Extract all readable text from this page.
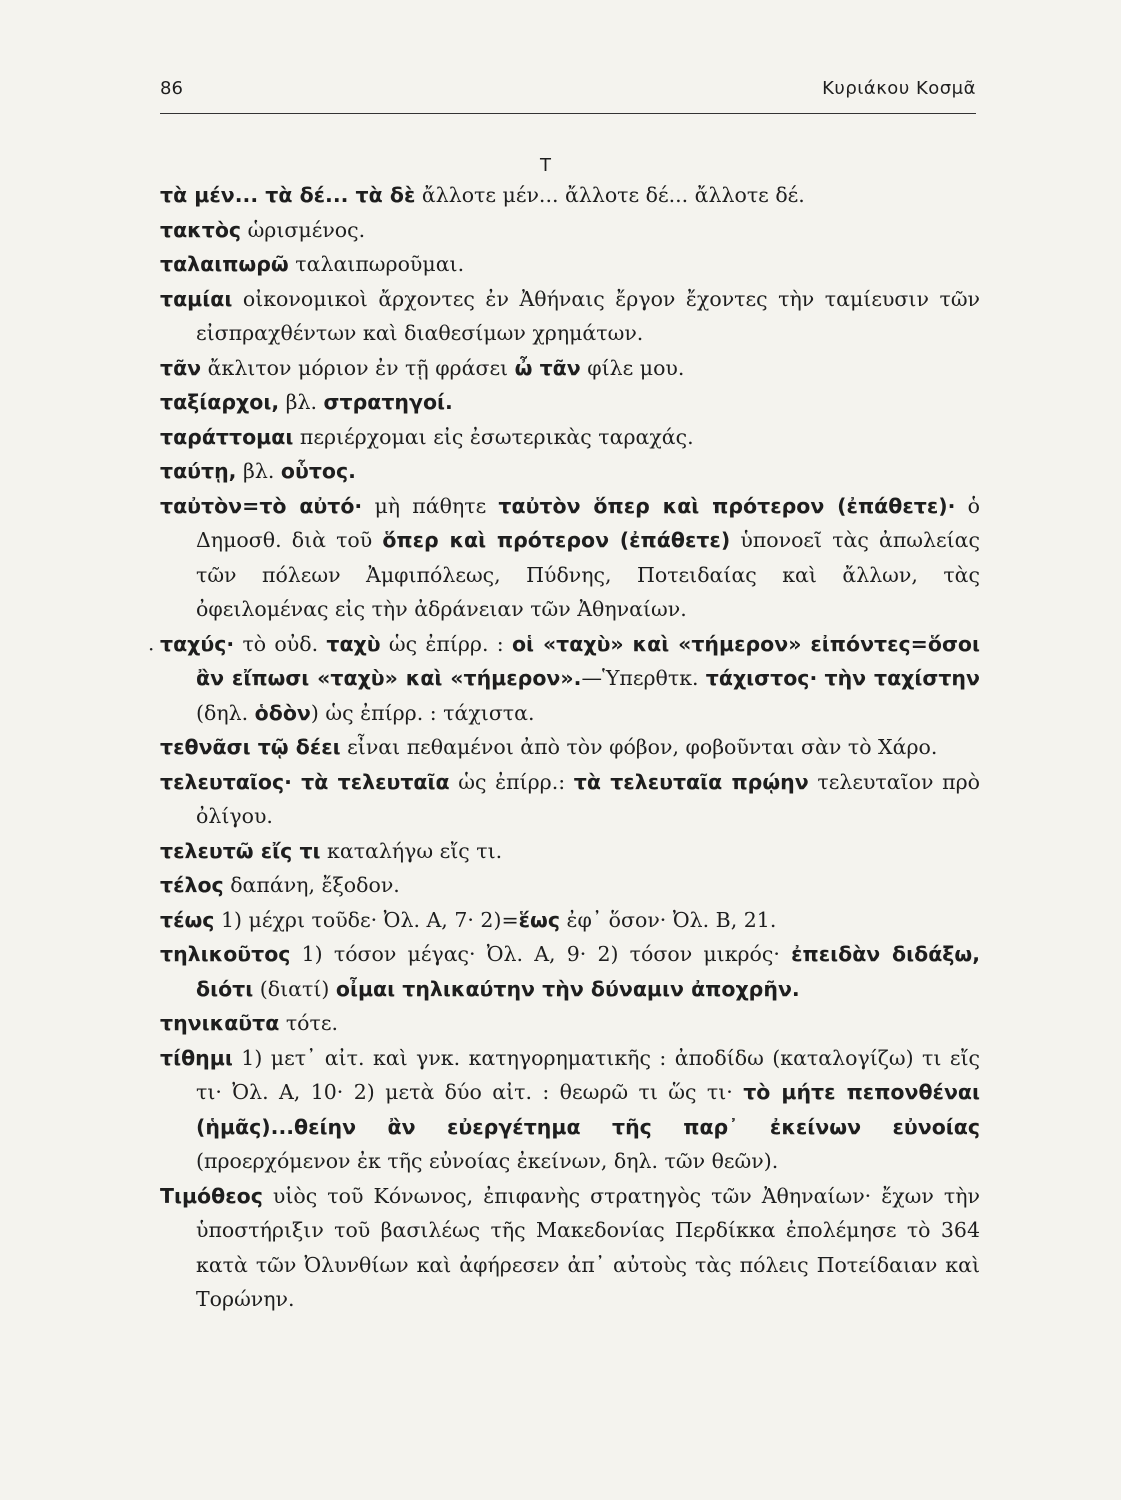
86	Κυριάκου Κοσμᾶ
Τ
·

τὰ μέν... τὰ δέ... τὰ δὲ ἄλλοτε μέν... ἄλλοτε δέ... ἄλλοτε δέ.

τακτὸς ὡρισμένος.

ταλαιπωρῶ ταλαιπωροῦμαι.

ταμίαι οἰκονομικοὶ ἄρχοντες ἐν Ἀθήναις ἔργον ἔχοντες τὴν ταμίευσιν τῶν εἰσπραχθέντων καὶ διαθεσίμων χρημάτων.

τᾶν ἄκλιτον μόριον ἐν τῇ φράσει ὦ τᾶν φίλε μου.

ταξίαρχοι, βλ. στρατηγοί.

ταράττομαι περιέρχομαι εἰς ἐσωτερικὰς ταραχάς.

ταύτῃ, βλ. οὗτος.

ταὐτὸν=τὸ αὐτό· μὴ πάθητε ταὐτὸν ὅπερ καὶ πρότερον (ἐπάθετε)· ὁ Δημοσθ. διὰ τοῦ ὅπερ καὶ πρότερον (ἐπάθετε) ὑπονοεῖ τὰς ἀπωλείας τῶν πόλεων Ἀμφιπόλεως, Πύδνης, Ποτειδαίας καὶ ἄλλων, τὰς ὀφειλομένας εἰς τὴν ἀδράνειαν τῶν Ἀθηναίων.

ταχύς· τὸ οὐδ. ταχὺ ὡς ἐπίρρ. : οἱ «ταχὺ» καὶ «τήμερον» εἰπόντες=ὅσοι ἂν εἴπωσι «ταχὺ» καὶ «τήμερον».—Ὑπερθτκ. τάχιστος· τὴν ταχίστην (δηλ. ὁδὸν) ὡς ἐπίρρ. : τάχιστα.

τεθνᾶσι τῷ δέει εἶναι πεθαμένοι ἀπὸ τὸν φόβον, φοβοῦνται σὰν τὸ Χάρο.

τελευταῖος· τὰ τελευταῖα ὡς ἐπίρρ.: τὰ τελευταῖα πρῴην τελευταῖον πρὸ ὀλίγου.

τελευτῶ εἴς τι καταλήγω εἴς τι.

τέλος δαπάνη, ἔξοδον.

τέως 1) μέχρι τοῦδε· Ὀλ. Α, 7· 2)=ἕως ἐφ᾽ ὅσον· Ὀλ. Β, 21.

τηλικοῦτος 1) τόσον μέγας· Ὀλ. Α, 9· 2) τόσον μικρός· ἐπειδὰν διδάξω, διότι (διατί) οἶμαι τηλικαύτην τὴν δύναμιν ἀποχρῆν.

τηνικαῦτα τότε.

τίθημι 1) μετ᾽ αἰτ. καὶ γνκ. κατηγορηματικῆς : ἀποδίδω (καταλογίζω) τι εἴς τι· Ὀλ. Α, 10· 2) μετὰ δύο αἰτ. : θεωρῶ τι ὥς τι· τὸ μήτε πεπονθέναι (ἡμᾶς)...θείην ἂν εὐεργέτημα τῆς παρ᾽ ἐκείνων εὐνοίας (προερχόμενον ἐκ τῆς εὐνοίας ἐκείνων, δηλ. τῶν θεῶν).

Τιμόθεος υἱὸς τοῦ Κόνωνος, ἐπιφανὴς στρατηγὸς τῶν Ἀθηναίων· ἔχων τὴν ὑποστήριξιν τοῦ βασιλέως τῆς Μακεδονίας Περδίκκα ἐπολέμησε τὸ 364 κατὰ τῶν Ὀλυνθίων καὶ ἀφήρεσεν ἀπ᾽ αὐτοὺς τὰς πόλεις Ποτείδαιαν καὶ Τορώνην.
